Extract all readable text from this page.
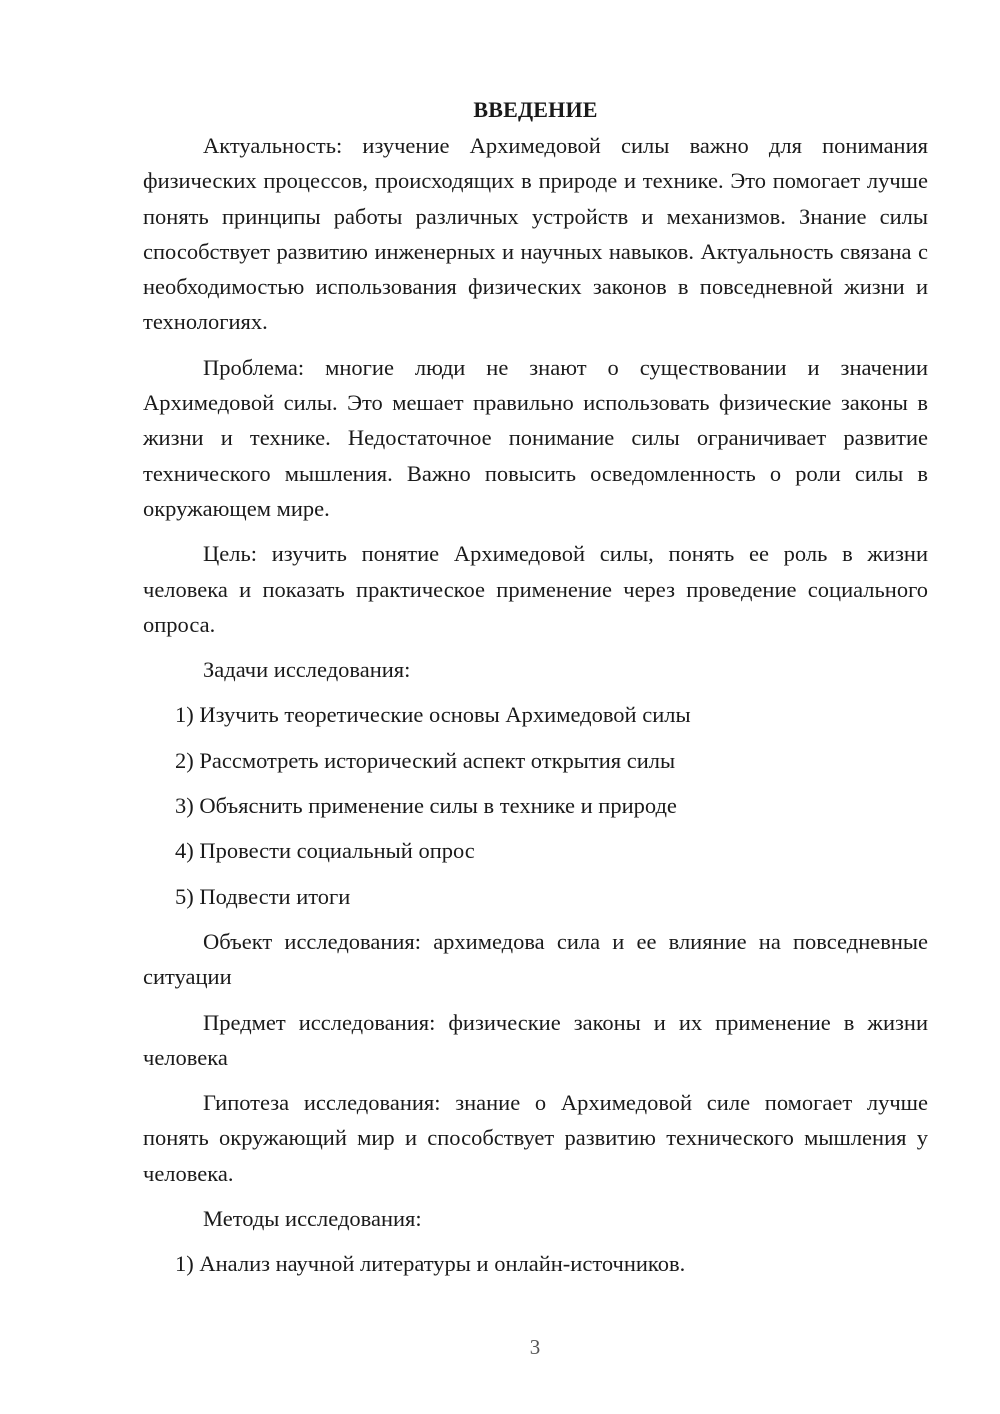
ВВЕДЕНИЕ

Актуальность: изучение Архимедовой силы важно для понимания физических процессов, происходящих в природе и технике. Это помогает лучше понять принципы работы различных устройств и механизмов. Знание силы способствует развитию инженерных и научных навыков. Актуальность связана с необходимостью использования физических законов в повседневной жизни и технологиях.

Проблема: многие люди не знают о существовании и значении Архимедовой силы. Это мешает правильно использовать физические законы в жизни и технике. Недостаточное понимание силы ограничивает развитие технического мышления. Важно повысить осведомленность о роли силы в окружающем мире.

Цель: изучить понятие Архимедовой силы, понять ее роль в жизни человека и показать практическое применение через проведение социального опроса.

Задачи исследования:

1) Изучить теоретические основы Архимедовой силы

2) Рассмотреть исторический аспект открытия силы

3) Объяснить применение силы в технике и природе

4) Провести социальный опрос

5) Подвести итоги

Объект исследования: архимедова сила и ее влияние на повседневные ситуации

Предмет исследования: физические законы и их применение в жизни человека

Гипотеза исследования: знание о Архимедовой силе помогает лучше понять окружающий мир и способствует развитию технического мышления у человека.

Методы исследования:

1) Анализ научной литературы и онлайн-источников.

3
